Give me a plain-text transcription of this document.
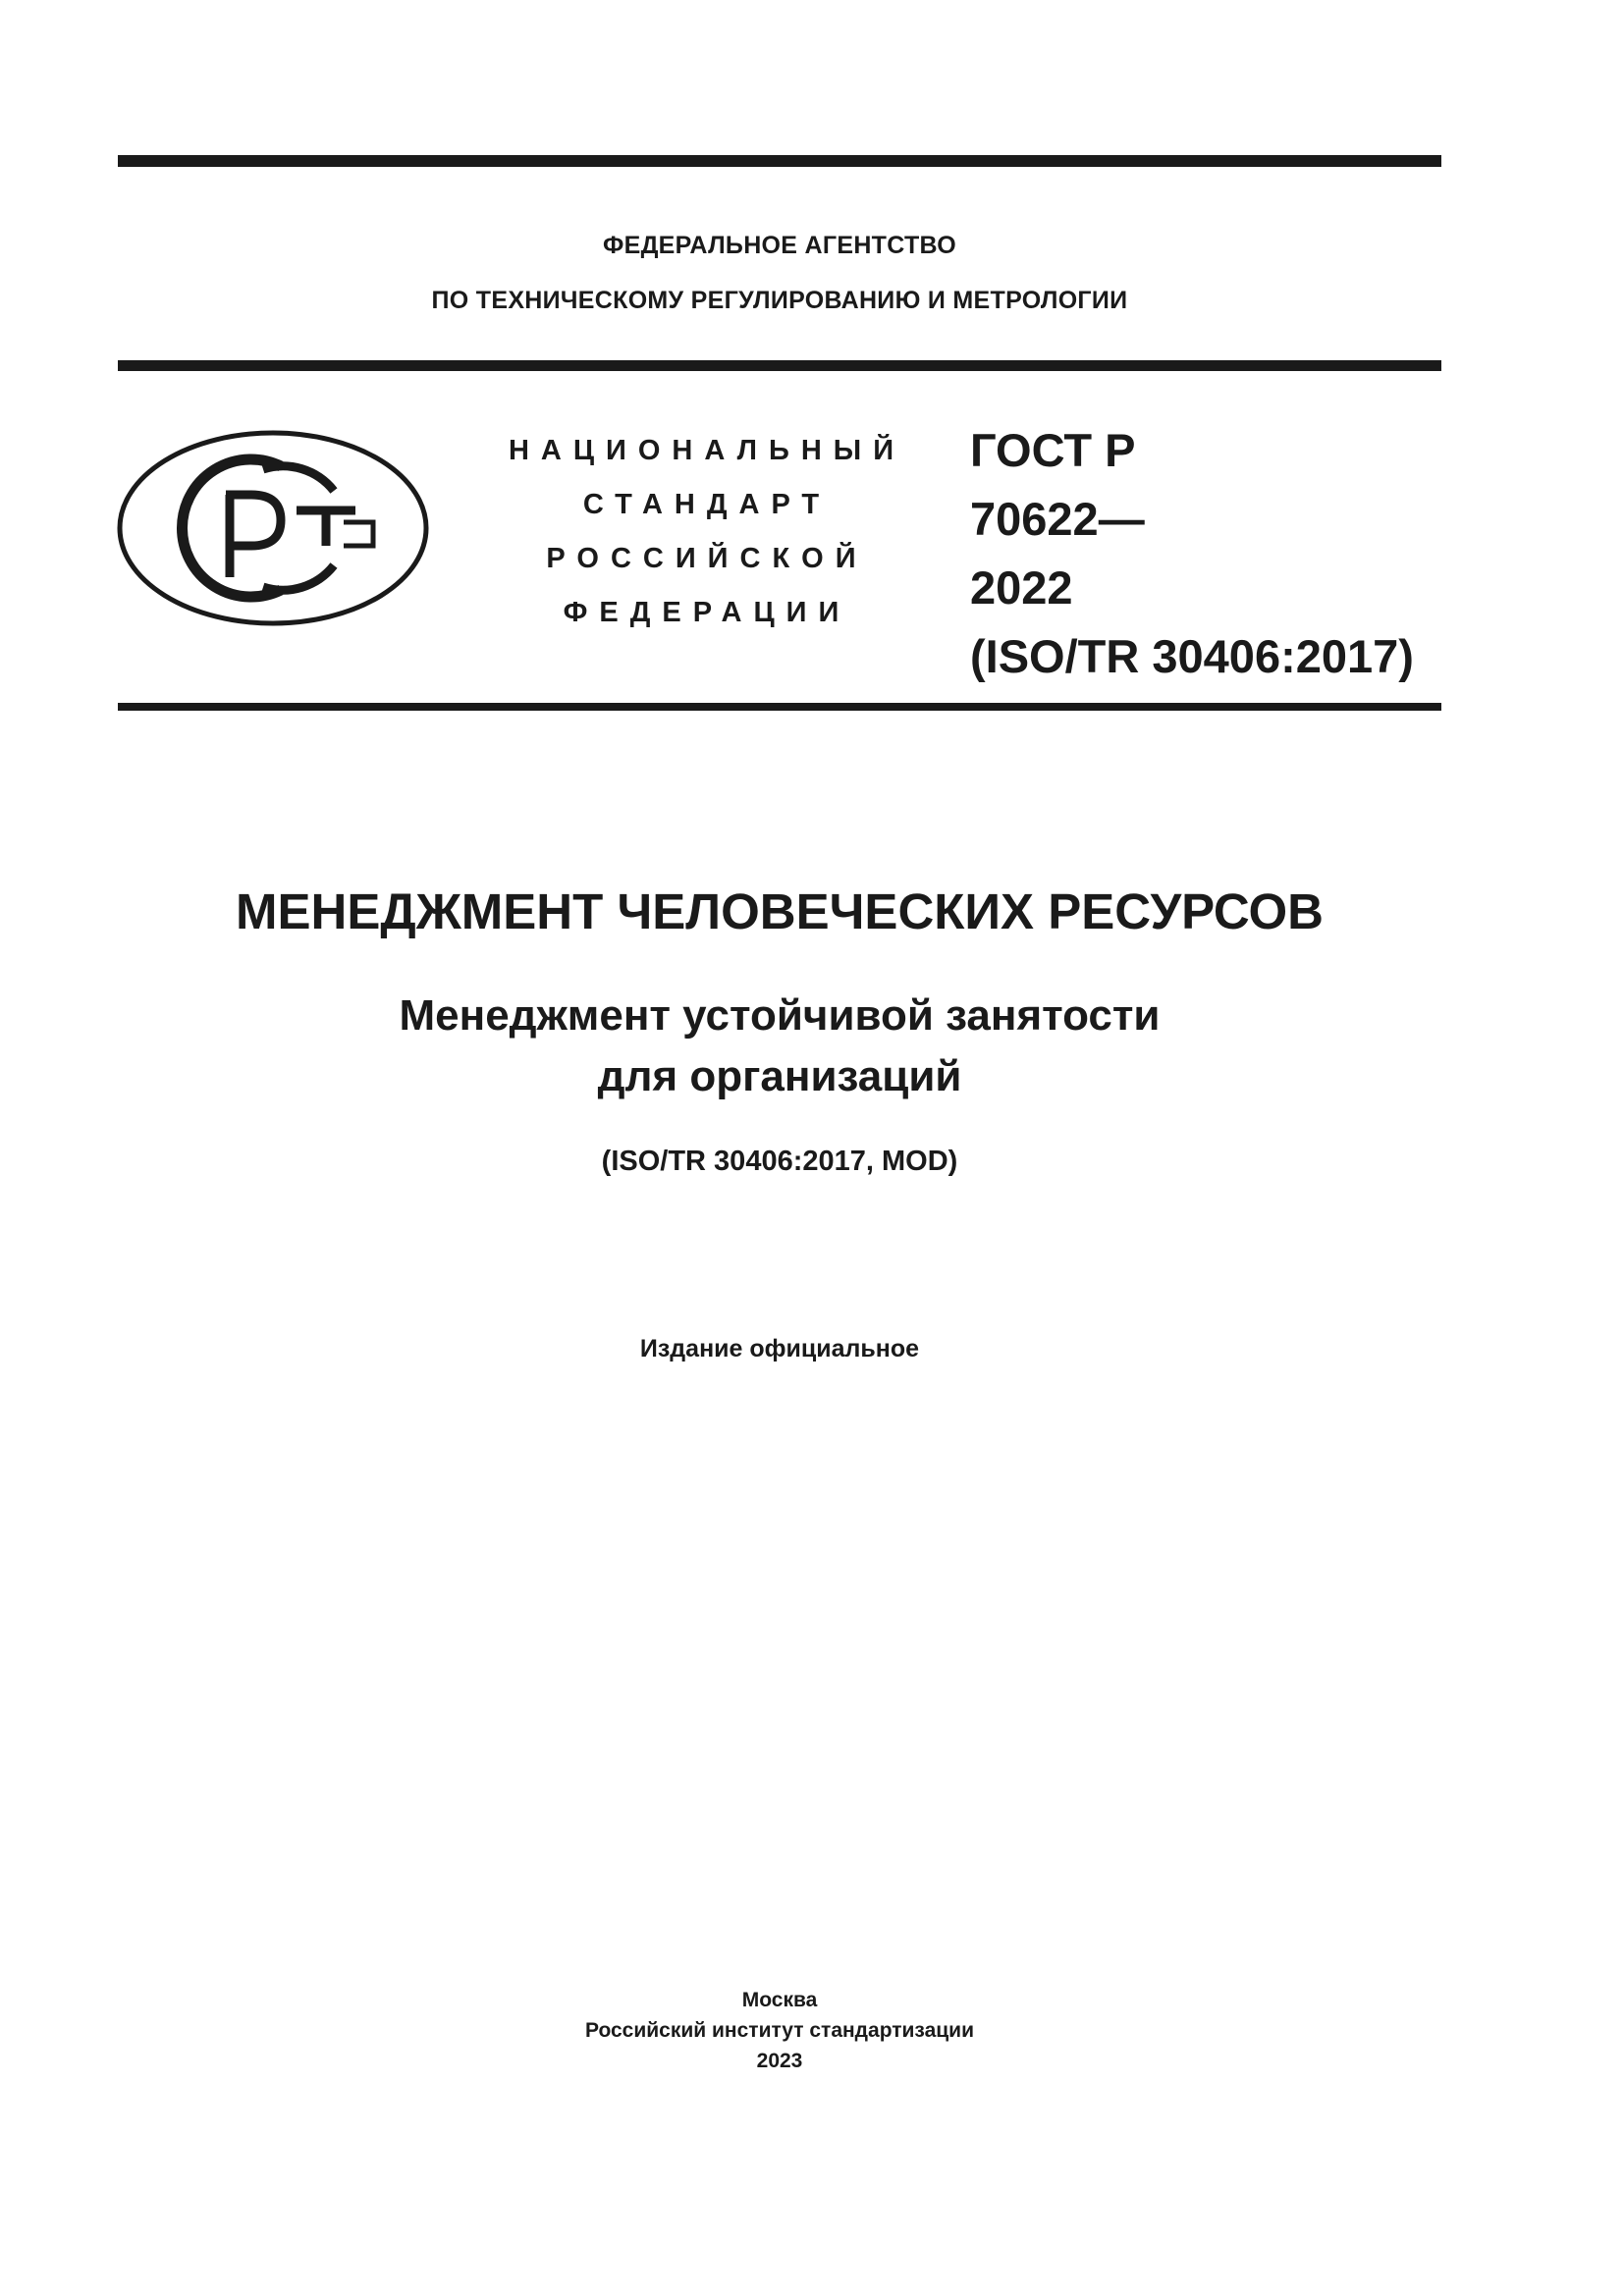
ФЕДЕРАЛЬНОЕ АГЕНТСТВО
ПО ТЕХНИЧЕСКОМУ РЕГУЛИРОВАНИЮ И МЕТРОЛОГИИ
НАЦИОНАЛЬНЫЙ
СТАНДАРТ
РОССИЙСКОЙ
ФЕДЕРАЦИИ
ГОСТ Р
70622—
2022
(ISO/TR 30406:2017)
МЕНЕДЖМЕНТ ЧЕЛОВЕЧЕСКИХ РЕСУРСОВ
Менеджмент устойчивой занятости
для организаций
(ISO/TR 30406:2017, MOD)
Издание официальное
Москва
Российский институт стандартизации
2023
